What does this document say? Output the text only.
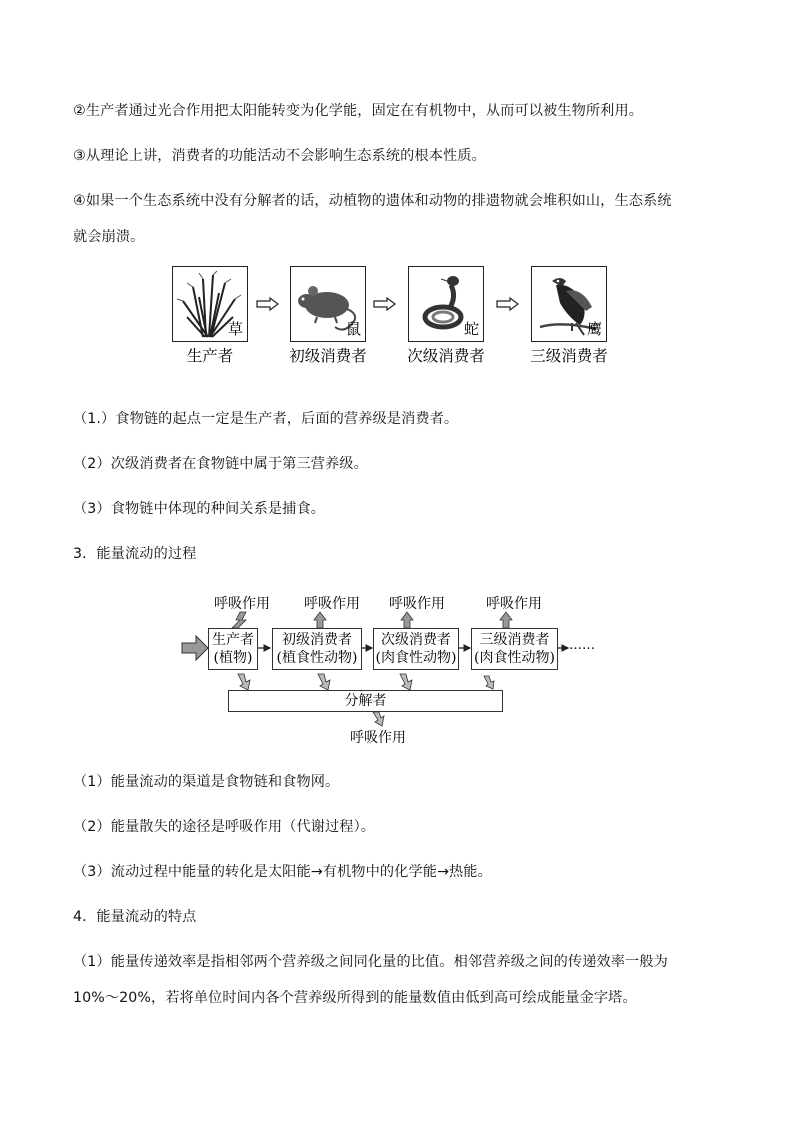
②生产者通过光合作用把太阳能转变为化学能，固定在有机物中，从而可以被生物所利用。
③从理论上讲，消费者的功能活动不会影响生态系统的根本性质。
④如果一个生态系统中没有分解者的话，动植物的遗体和动物的排遗物就会堆积如山，生态系统
就会崩溃。
草	鼠	蛇	鹰
生产者	初级消费者	次级消费者	三级消费者
（1.）食物链的起点一定是生产者，后面的营养级是消费者。
（2）次级消费者在食物链中属于第三营养级。
（3）食物链中体现的种间关系是捕食。
3．能量流动的过程
呼吸作用 呼吸作用 呼吸作用	呼吸作用
生产者
(植物)
初级消费者
(植食性动物)
次级消费者
(肉食性动物)
三级消费者
(肉食性动物)
……
分解者
呼吸作用
（1）能量流动的渠道是食物链和食物网。
（2）能量散失的途径是呼吸作用（代谢过程）。
（3）流动过程中能量的转化是太阳能→有机物中的化学能→热能。
4．能量流动的特点
（1）能量传递效率是指相邻两个营养级之间同化量的比值。相邻营养级之间的传递效率一般为
10%～20%，若将单位时间内各个营养级所得到的能量数值由低到高可绘成能量金字塔。
